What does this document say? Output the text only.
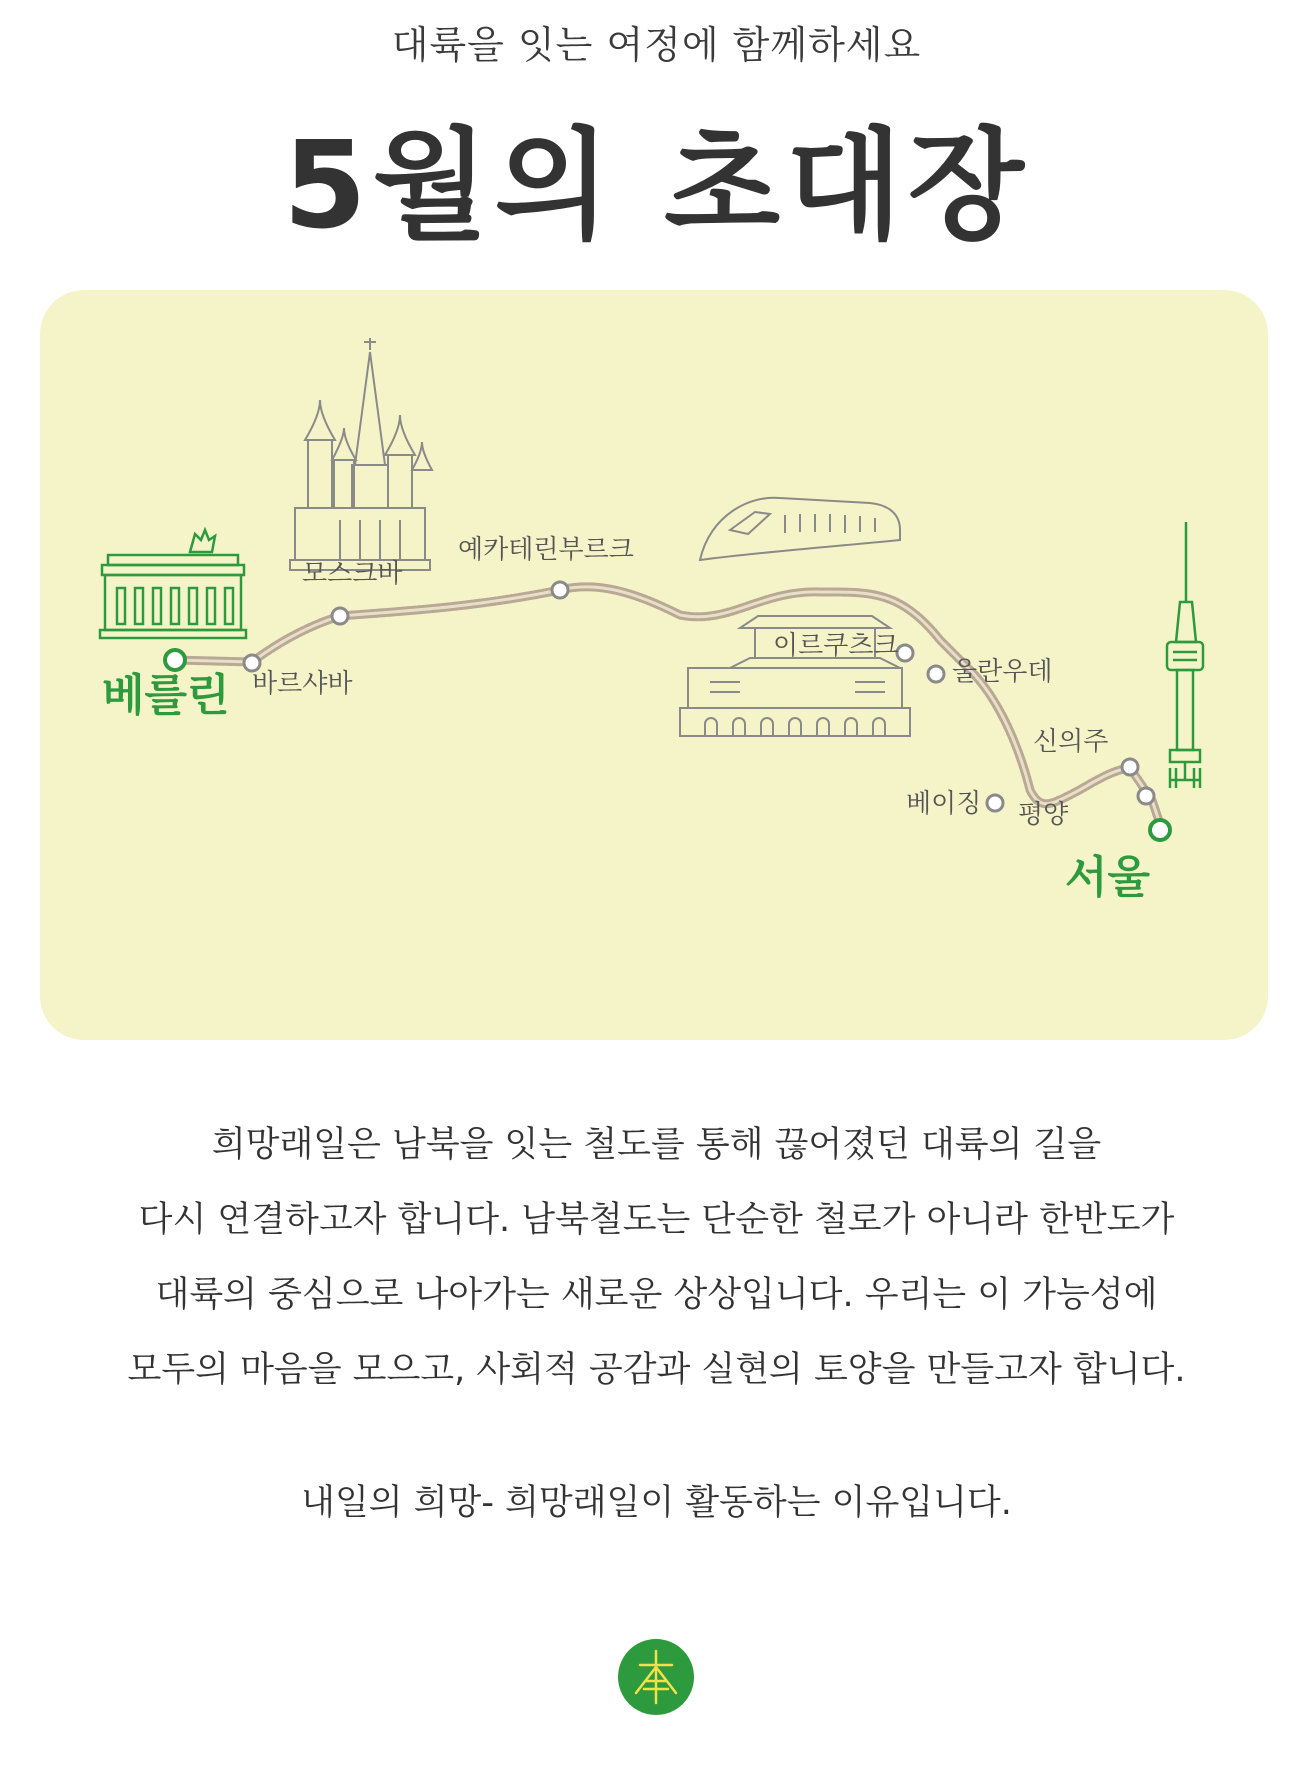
대륙을 잇는 여정에 함께하세요
5월의 초대장
베를린 바르샤바
모스크바
예카테린부르크
이르쿠츠크
울란우데
베이징
신의주
평양
서울
희망래일은 남북을 잇는 철도를 통해 끊어졌던 대륙의 길을
다시 연결하고자 합니다. 남북철도는 단순한 철로가 아니라 한반도가
대륙의 중심으로 나아가는 새로운 상상입니다. 우리는 이 가능성에
모두의 마음을 모으고, 사회적 공감과 실현의 토양을 만들고자 합니다.
내일의 희망- 희망래일이 활동하는 이유입니다.
